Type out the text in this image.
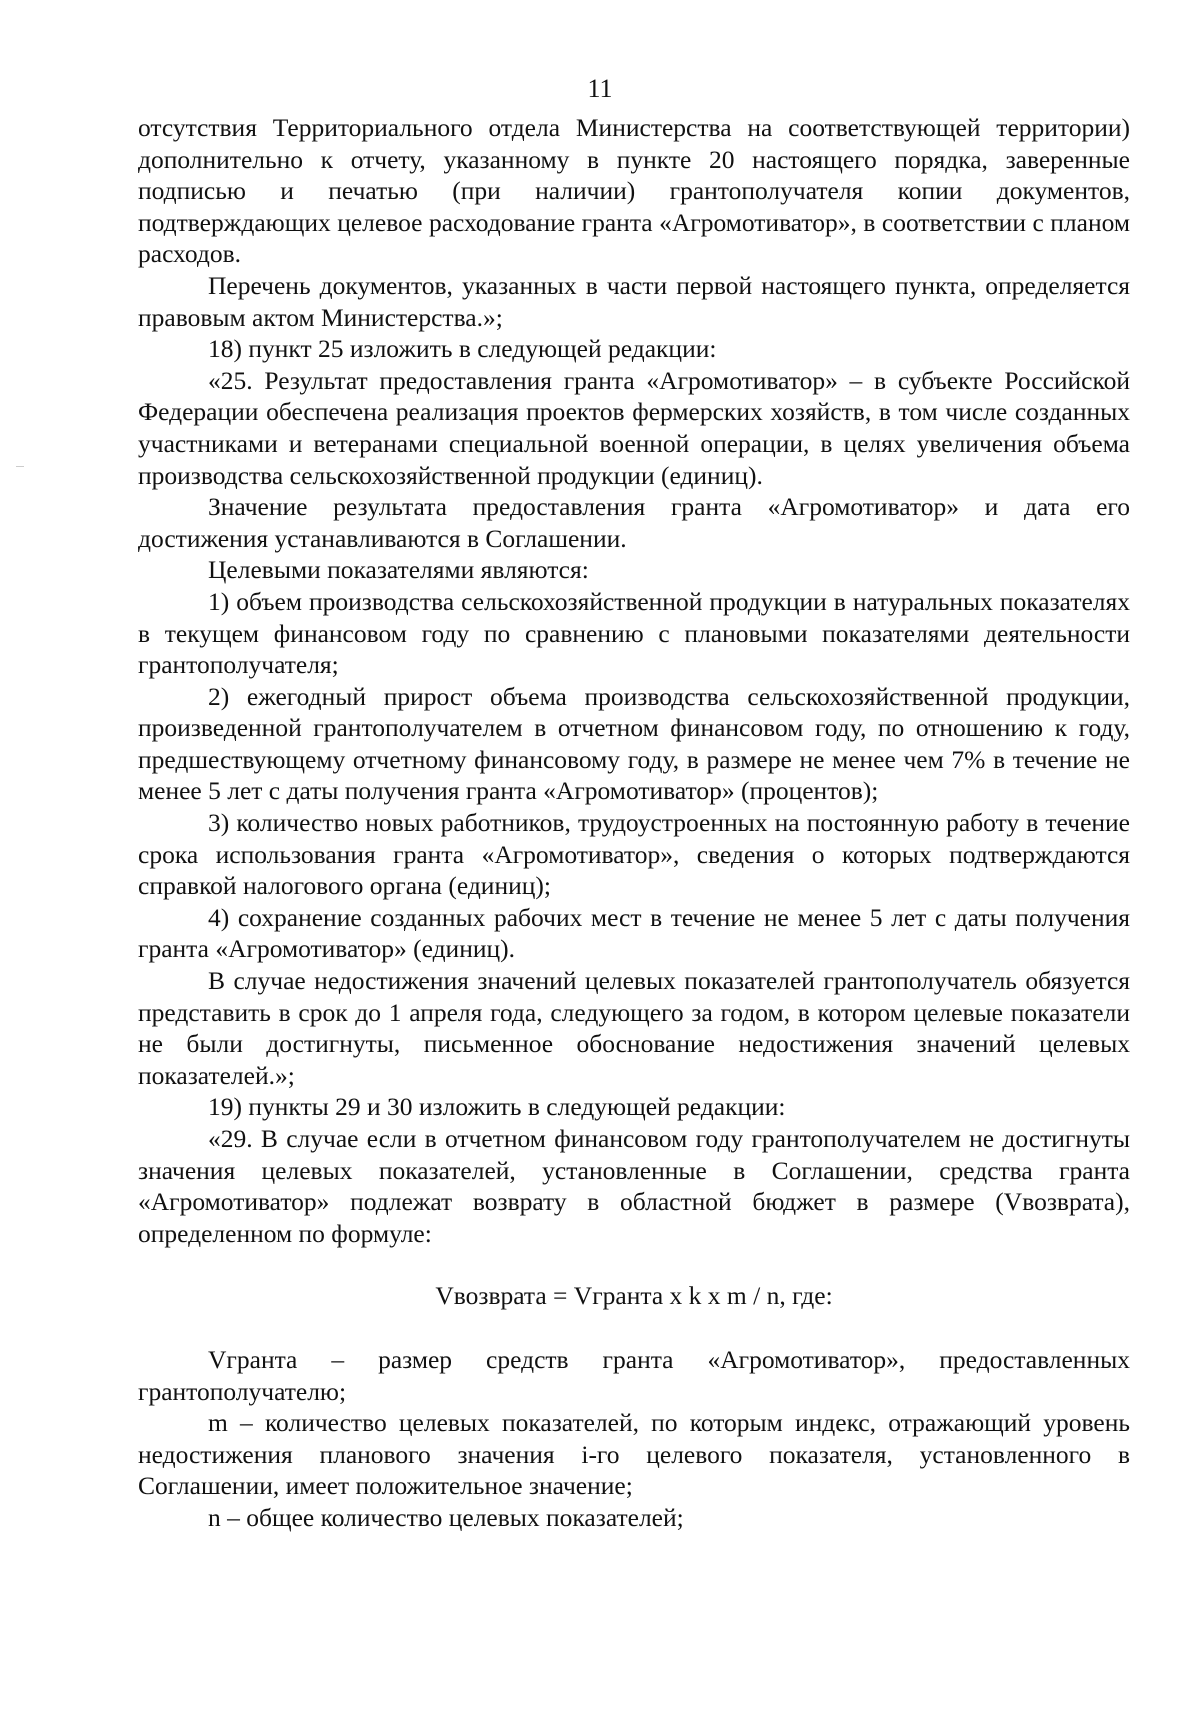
11

отсутствия Территориального отдела Министерства на соответствующей территории) дополнительно к отчету, указанному в пункте 20 настоящего порядка, заверенные подписью и печатью (при наличии) грантополучателя копии документов, подтверждающих целевое расходование гранта «Агромотиватор», в соответствии с планом расходов.

Перечень документов, указанных в части первой настоящего пункта, определяется правовым актом Министерства.»;

18) пункт 25 изложить в следующей редакции:

«25. Результат предоставления гранта «Агромотиватор» – в субъекте Российской Федерации обеспечена реализация проектов фермерских хозяйств, в том числе созданных участниками и ветеранами специальной военной операции, в целях увеличения объема производства сельскохозяйственной продукции (единиц).

Значение результата предоставления гранта «Агромотиватор» и дата его достижения устанавливаются в Соглашении.

Целевыми показателями являются:

1) объем производства сельскохозяйственной продукции в натуральных показателях в текущем финансовом году по сравнению с плановыми показателями деятельности грантополучателя;

2) ежегодный прирост объема производства сельскохозяйственной продукции, произведенной грантополучателем в отчетном финансовом году, по отношению к году, предшествующему отчетному финансовому году, в размере не менее чем 7% в течение не менее 5 лет с даты получения гранта «Агромотиватор» (процентов);

3) количество новых работников, трудоустроенных на постоянную работу в течение срока использования гранта «Агромотиватор», сведения о которых подтверждаются справкой налогового органа (единиц);

4) сохранение созданных рабочих мест в течение не менее 5 лет с даты получения гранта «Агромотиватор» (единиц).

В случае недостижения значений целевых показателей грантополучатель обязуется представить в срок до 1 апреля года, следующего за годом, в котором целевые показатели не были достигнуты, письменное обоснование недостижения значений целевых показателей.»;

19) пункты 29 и 30 изложить в следующей редакции:

«29. В случае если в отчетном финансовом году грантополучателем не достигнуты значения целевых показателей, установленные в Соглашении, средства гранта «Агромотиватор» подлежат возврату в областной бюджет в размере (Vвозврата), определенном по формуле:

Vвозврата = Vгранта x k x m / n, где:

Vгранта – размер средств гранта «Агромотиватор», предоставленных грантополучателю;

m – количество целевых показателей, по которым индекс, отражающий уровень недостижения планового значения i-го целевого показателя, установленного в Соглашении, имеет положительное значение;

n – общее количество целевых показателей;
